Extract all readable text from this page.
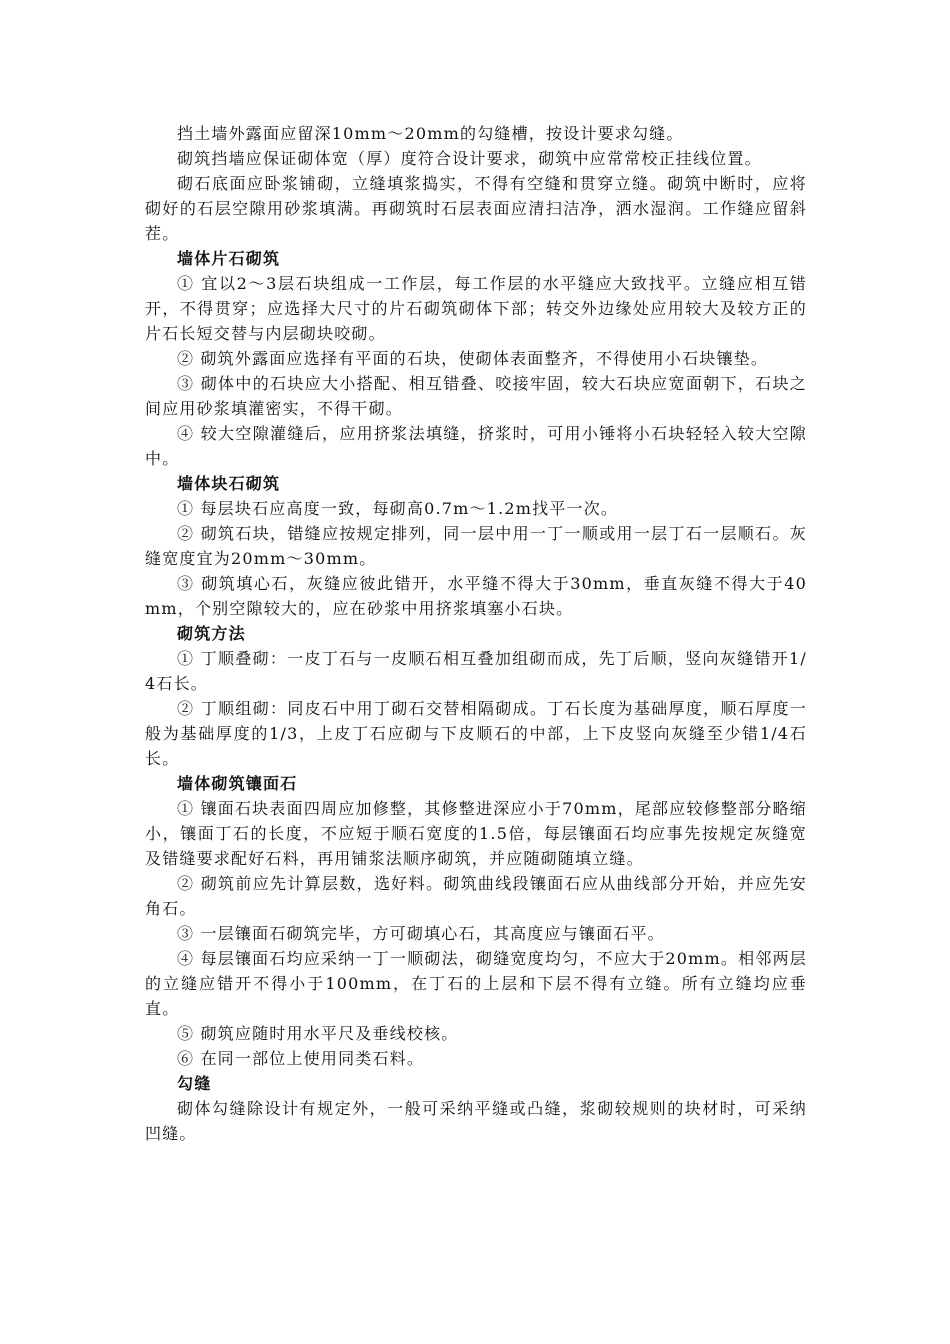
挡土墙外露面应留深10mm～20mm的勾缝槽，按设计要求勾缝。

砌筑挡墙应保证砌体宽（厚）度符合设计要求，砌筑中应常常校正挂线位置。

砌石底面应卧浆铺砌，立缝填浆捣实，不得有空缝和贯穿立缝。砌筑中断时，应将砌好的石层空隙用砂浆填满。再砌筑时石层表面应清扫洁净，洒水湿润。工作缝应留斜茬。

墙体片石砌筑

① 宜以2～3层石块组成一工作层，每工作层的水平缝应大致找平。立缝应相互错开，不得贯穿；应选择大尺寸的片石砌筑砌体下部；转交外边缘处应用较大及较方正的片石长短交替与内层砌块咬砌。

② 砌筑外露面应选择有平面的石块，使砌体表面整齐，不得使用小石块镶垫。

③ 砌体中的石块应大小搭配、相互错叠、咬接牢固，较大石块应宽面朝下，石块之间应用砂浆填灌密实，不得干砌。

④ 较大空隙灌缝后，应用挤浆法填缝，挤浆时，可用小锤将小石块轻轻入较大空隙中。

墙体块石砌筑

① 每层块石应高度一致，每砌高0.7m～1.2m找平一次。

② 砌筑石块，错缝应按规定排列，同一层中用一丁一顺或用一层丁石一层顺石。灰缝宽度宜为20mm～30mm。

③ 砌筑填心石，灰缝应彼此错开，水平缝不得大于30mm，垂直灰缝不得大于40mm，个别空隙较大的，应在砂浆中用挤浆填塞小石块。

砌筑方法

① 丁顺叠砌：一皮丁石与一皮顺石相互叠加组砌而成，先丁后顺，竖向灰缝错开1/4石长。

② 丁顺组砌：同皮石中用丁砌石交替相隔砌成。丁石长度为基础厚度，顺石厚度一般为基础厚度的1/3，上皮丁石应砌与下皮顺石的中部，上下皮竖向灰缝至少错1/4石长。

墙体砌筑镶面石

① 镶面石块表面四周应加修整，其修整进深应小于70mm，尾部应较修整部分略缩小，镶面丁石的长度，不应短于顺石宽度的1.5倍，每层镶面石均应事先按规定灰缝宽及错缝要求配好石料，再用铺浆法顺序砌筑，并应随砌随填立缝。

② 砌筑前应先计算层数，选好料。砌筑曲线段镶面石应从曲线部分开始，并应先安角石。

③ 一层镶面石砌筑完毕，方可砌填心石，其高度应与镶面石平。

④ 每层镶面石均应采纳一丁一顺砌法，砌缝宽度均匀，不应大于20mm。相邻两层的立缝应错开不得小于100mm，在丁石的上层和下层不得有立缝。所有立缝均应垂直。

⑤ 砌筑应随时用水平尺及垂线校核。

⑥ 在同一部位上使用同类石料。

勾缝

砌体勾缝除设计有规定外，一般可采纳平缝或凸缝，浆砌较规则的块材时，可采纳凹缝。
